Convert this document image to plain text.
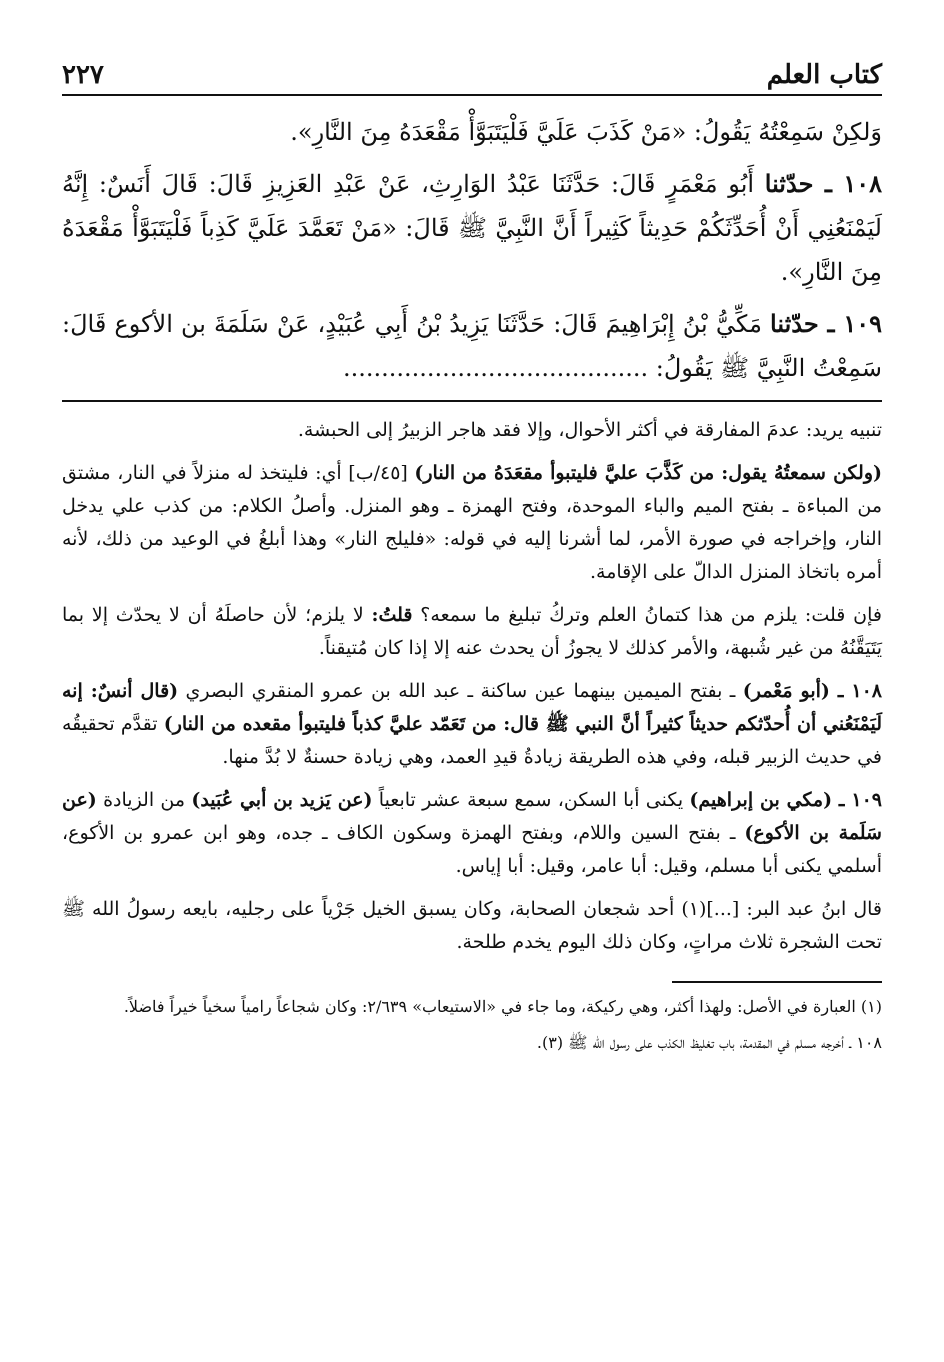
كتاب العلم
٢٢٧

وَلكِنْ سَمِعْتُهُ يَقُولُ: «مَنْ كَذَبَ عَلَيَّ فَلْيَتَبَوَّأْ مَقْعَدَهُ مِنَ النَّارِ».

١٠٨ ـ حدّثنا أَبُو مَعْمَرٍ قَالَ: حَدَّثَنَا عَبْدُ الوَارِثِ، عَنْ عَبْدِ العَزِيزِ قَالَ: قَالَ أَنَسٌ: إِنَّهُ لَيَمْنَعُنِي أَنْ أُحَدِّثَكُمْ حَدِيثاً كَثِيراً أَنَّ النَّبِيَّ ﷺ قَالَ: «مَنْ تَعَمَّدَ عَلَيَّ كَذِباً فَلْيَتَبَوَّأْ مَقْعَدَهُ مِنَ النَّارِ».

١٠٩ ـ حدّثنا مَكِّيُّ بْنُ إِبْرَاهِيمَ قَالَ: حَدَّثَنَا يَزِيدُ بْنُ أَبِي عُبَيْدٍ، عَنْ سَلَمَةَ بن الأكوع قَالَ: سَمِعْتُ النَّبِيَّ ﷺ يَقُولُ: ........................................

تنبيه يريد: عدمَ المفارقة في أكثر الأحوال، وإلا فقد هاجر الزبيرُ إلى الحبشة.

(ولكن سمعتُهُ يقول: من كَذَّبَ عليَّ فليتبوأ مقعَدَهُ من النار) [٤٥/ب] أي: فليتخذ له منزلاً في النار، مشتق من المباءة ـ بفتح الميم والباء الموحدة، وفتح الهمزة ـ وهو المنزل. وأصلُ الكلام: من كذب علي يدخل النار، وإخراجه في صورة الأمر، لما أشرنا إليه في قوله: «فليلج النار» وهذا أبلغُ في الوعيد من ذلك، لأنه أمره باتخاذ المنزل الدالّ على الإقامة.

فإن قلت: يلزم من هذا كتمانُ العلم وتركُ تبليغ ما سمعه؟ قلتُ: لا يلزم؛ لأن حاصلَهُ أن لا يحدّث إلا بما يَتَيَقَّنُهُ من غير شُبهة، والأمر كذلك لا يجوزُ أن يحدث عنه إلا إذا كان مُتيقناً.

١٠٨ ـ (أبو مَعْمر) ـ بفتح الميمين بينهما عين ساكنة ـ عبد الله بن عمرو المنقري البصري (قال أنسٌ: إنه لَيَمْنَعُني أن أُحدّثكم حديثاً كثيراً أنَّ النبي ﷺ قال: من تَعَمّد عليَّ كذباً فليتبوأ مقعده من النار) تقدَّم تحقيقُه في حديث الزبير قبله، وفي هذه الطريقة زيادةُ قيدِ العمد، وهي زيادة حسنةٌ لا بُدَّ منها.

١٠٩ ـ (مكي بن إبراهيم) يكنى أبا السكن، سمع سبعة عشر تابعياً (عن يَزيد بن أبي عُبَيد) من الزيادة (عن سَلَمة بن الأكوع) ـ بفتح السين واللام، وبفتح الهمزة وسكون الكاف ـ جده، وهو ابن عمرو بن الأكوع، أسلمي يكنى أبا مسلم، وقيل: أبا عامر، وقيل: أبا إياس.

قال ابنُ عبد البر: [...](١) أحد شجعان الصحابة، وكان يسبق الخيل جَرْياً على رجليه، بايعه رسولُ الله ﷺ تحت الشجرة ثلاث مراتٍ، وكان ذلك اليوم يخدم طلحة.

(١) العبارة في الأصل: ولهذا أكثر، وهي ركيكة، وما جاء في «الاستيعاب» ٢/٦٣٩: وكان شجاعاً رامياً سخياً خيراً فاضلاً.

١٠٨ ـ أخرجه مسلم في المقدمة، باب تغليظ الكذب على رسول الله ﷺ (٣).
